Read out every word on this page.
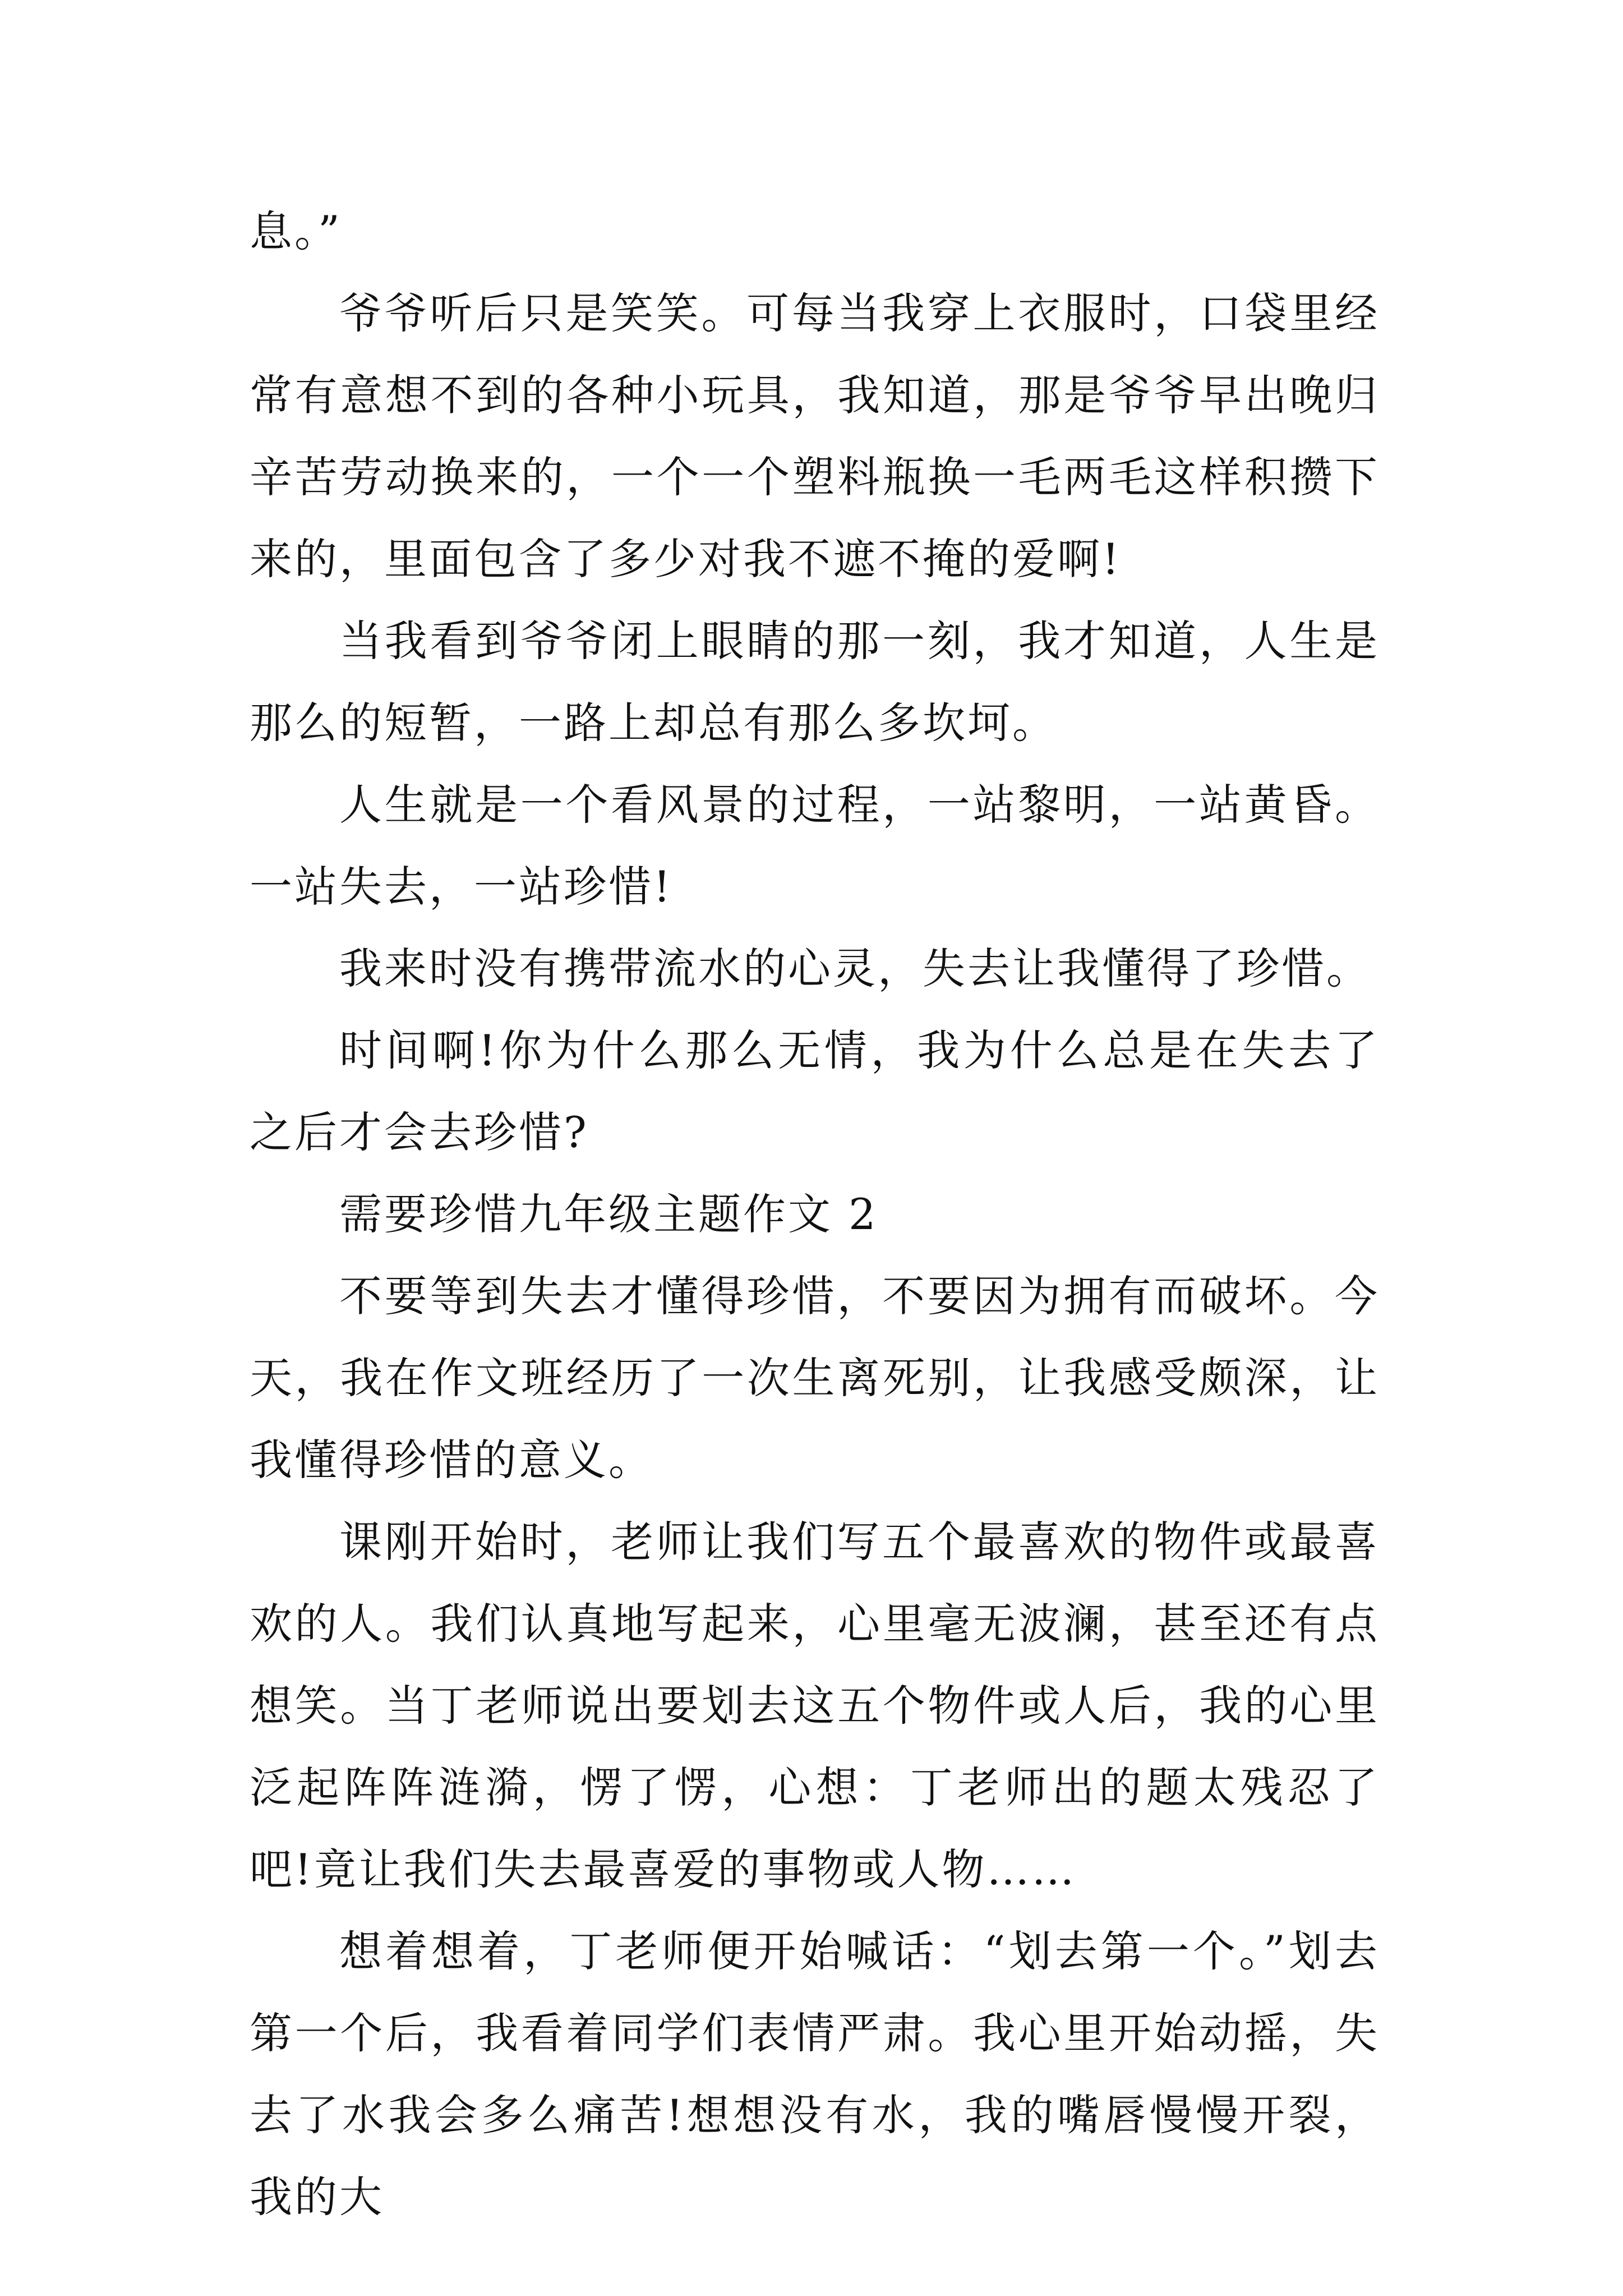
息。”

爷爷听后只是笑笑。可每当我穿上衣服时，口袋里经常有意想不到的各种小玩具，我知道，那是爷爷早出晚归辛苦劳动换来的，一个一个塑料瓶换一毛两毛这样积攒下来的，里面包含了多少对我不遮不掩的爱啊!

当我看到爷爷闭上眼睛的那一刻，我才知道，人生是那么的短暂，一路上却总有那么多坎坷。

人生就是一个看风景的过程，一站黎明，一站黄昏。一站失去，一站珍惜!

我来时没有携带流水的心灵，失去让我懂得了珍惜。

时间啊!你为什么那么无情，我为什么总是在失去了之后才会去珍惜?

需要珍惜九年级主题作文 2

不要等到失去才懂得珍惜，不要因为拥有而破坏。今天，我在作文班经历了一次生离死别，让我感受颇深，让我懂得珍惜的意义。

课刚开始时，老师让我们写五个最喜欢的物件或最喜欢的人。我们认真地写起来，心里毫无波澜，甚至还有点想笑。当丁老师说出要划去这五个物件或人后，我的心里泛起阵阵涟漪，愣了愣，心想：丁老师出的题太残忍了吧!竟让我们失去最喜爱的事物或人物……

想着想着，丁老师便开始喊话：“划去第一个。”划去第一个后，我看着同学们表情严肃。我心里开始动摇，失去了水我会多么痛苦!想想没有水，我的嘴唇慢慢开裂，我的大
